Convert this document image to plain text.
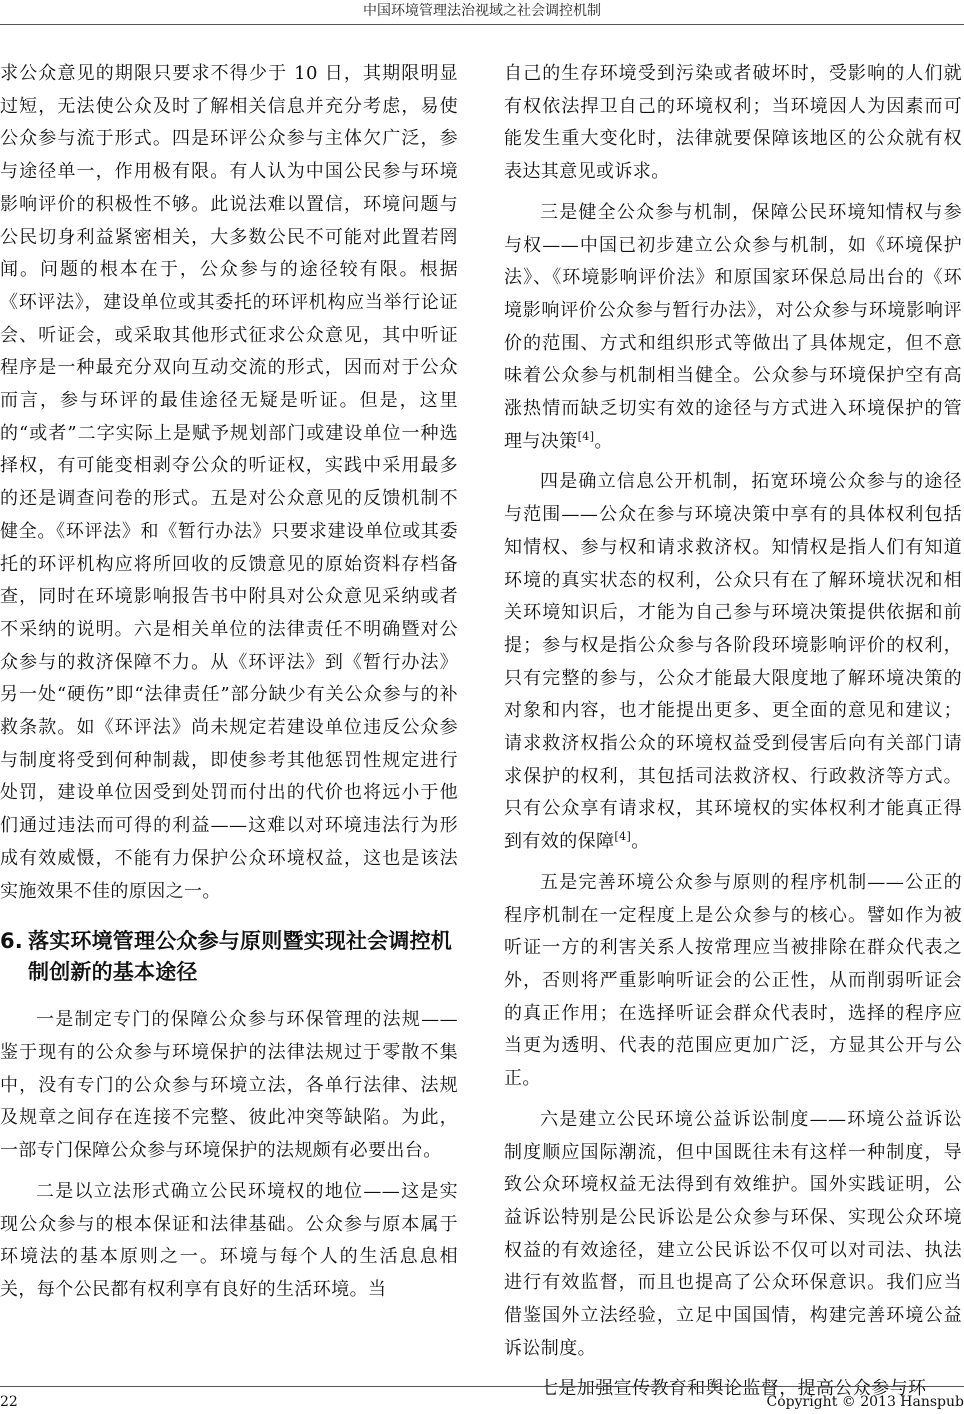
中国环境管理法治视域之社会调控机制

求公众意见的期限只要求不得少于 10 日，其期限明显过短，无法使公众及时了解相关信息并充分考虑，易使公众参与流于形式。四是环评公众参与主体欠广泛，参与途径单一，作用极有限。有人认为中国公民参与环境影响评价的积极性不够。此说法难以置信，环境问题与公民切身利益紧密相关，大多数公民不可能对此置若罔闻。问题的根本在于，公众参与的途径较有限。根据《环评法》，建设单位或其委托的环评机构应当举行论证会、听证会，或采取其他形式征求公众意见，其中听证程序是一种最充分双向互动交流的形式，因而对于公众而言，参与环评的最佳途径无疑是听证。但是，这里的“或者”二字实际上是赋予规划部门或建设单位一种选择权，有可能变相剥夺公众的听证权，实践中采用最多的还是调查问卷的形式。五是对公众意见的反馈机制不健全。《环评法》和《暂行办法》只要求建设单位或其委托的环评机构应将所回收的反馈意见的原始资料存档备查，同时在环境影响报告书中附具对公众意见采纳或者不采纳的说明。六是相关单位的法律责任不明确暨对公众参与的救济保障不力。从《环评法》到《暂行办法》另一处“硬伤”即“法律责任”部分缺少有关公众参与的补救条款。如《环评法》尚未规定若建设单位违反公众参与制度将受到何种制裁，即使参考其他惩罚性规定进行处罚，建设单位因受到处罚而付出的代价也将远小于他们通过违法而可得的利益——这难以对环境违法行为形成有效威慑，不能有力保护公众环境权益，这也是该法实施效果不佳的原因之一。

6. 落实环境管理公众参与原则暨实现社会调控机制创新的基本途径

一是制定专门的保障公众参与环保管理的法规——鉴于现有的公众参与环境保护的法律法规过于零散不集中，没有专门的公众参与环境立法，各单行法律、法规及规章之间存在连接不完整、彼此冲突等缺陷。为此，一部专门保障公众参与环境保护的法规颇有必要出台。

二是以立法形式确立公民环境权的地位——这是实现公众参与的根本保证和法律基础。公众参与原本属于环境法的基本原则之一。环境与每个人的生活息息相关，每个公民都有权利享有良好的生活环境。当

自己的生存环境受到污染或者破坏时，受影响的人们就有权依法捍卫自己的环境权利；当环境因人为因素而可能发生重大变化时，法律就要保障该地区的公众就有权表达其意见或诉求。

三是健全公众参与机制，保障公民环境知情权与参与权——中国已初步建立公众参与机制，如《环境保护法》、《环境影响评价法》和原国家环保总局出台的《环境影响评价公众参与暂行办法》，对公众参与环境影响评价的范围、方式和组织形式等做出了具体规定，但不意味着公众参与机制相当健全。公众参与环境保护空有高涨热情而缺乏切实有效的途径与方式进入环境保护的管理与决策[4]。

四是确立信息公开机制，拓宽环境公众参与的途径与范围——公众在参与环境决策中享有的具体权利包括知情权、参与权和请求救济权。知情权是指人们有知道环境的真实状态的权利，公众只有在了解环境状况和相关环境知识后，才能为自己参与环境决策提供依据和前提；参与权是指公众参与各阶段环境影响评价的权利，只有完整的参与，公众才能最大限度地了解环境决策的对象和内容，也才能提出更多、更全面的意见和建议；请求救济权指公众的环境权益受到侵害后向有关部门请求保护的权利，其包括司法救济权、行政救济等方式。只有公众享有请求权，其环境权的实体权利才能真正得到有效的保障[4]。

五是完善环境公众参与原则的程序机制——公正的程序机制在一定程度上是公众参与的核心。譬如作为被听证一方的利害关系人按常理应当被排除在群众代表之外，否则将严重影响听证会的公正性，从而削弱听证会的真正作用；在选择听证会群众代表时，选择的程序应当更为透明、代表的范围应更加广泛，方显其公开与公正。

六是建立公民环境公益诉讼制度——环境公益诉讼制度顺应国际潮流，但中国既往未有这样一种制度，导致公众环境权益无法得到有效维护。国外实践证明，公益诉讼特别是公民诉讼是公众参与环保、实现公众环境权益的有效途径，建立公民诉讼不仅可以对司法、执法进行有效监督，而且也提高了公众环保意识。我们应当借鉴国外立法经验，立足中国国情，构建完善环境公益诉讼制度。

七是加强宣传教育和舆论监督，提高公众参与环

22	Copyright © 2013 Hanspub
